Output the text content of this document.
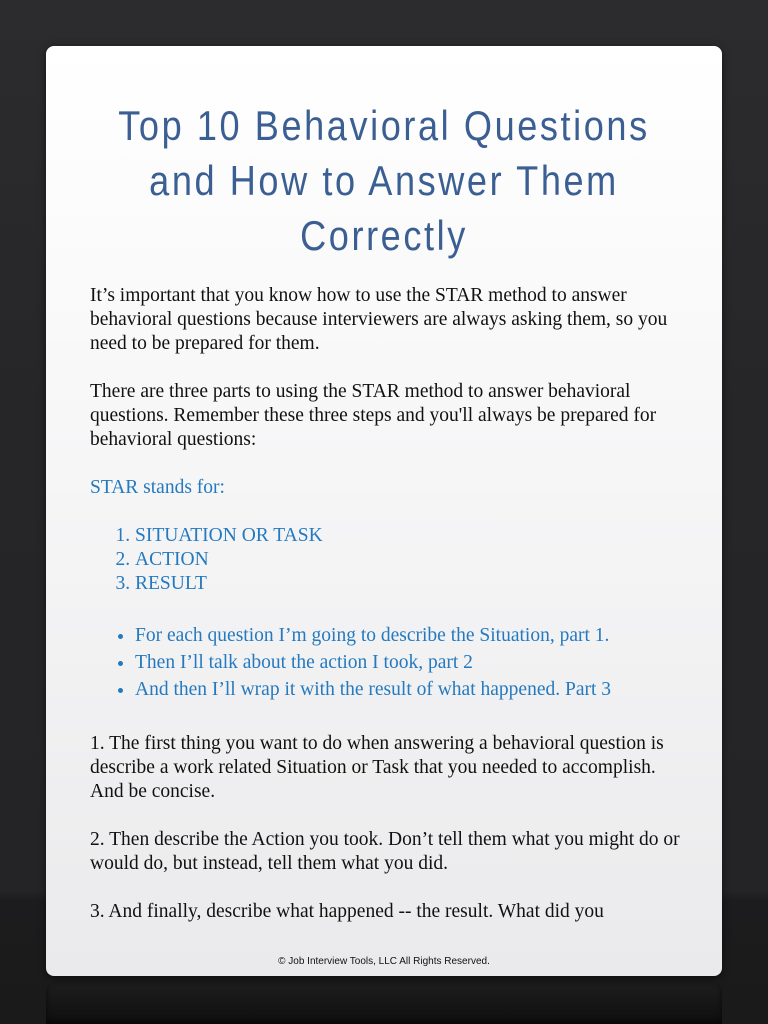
Top 10 Behavioral Questions
and How to Answer Them
Correctly

It’s important that you know how to use the STAR method to answer behavioral questions because interviewers are always asking them, so you need to be prepared for them.

There are three parts to using the STAR method to answer behavioral questions. Remember these three steps and you'll always be prepared for behavioral questions:

STAR stands for:

1. SITUATION OR TASK
2. ACTION
3. RESULT
• For each question I’m going to describe the Situation, part 1.
• Then I’ll talk about the action I took, part 2
• And then I’ll wrap it with the result of what happened. Part 3

1. The first thing you want to do when answering a behavioral question is describe a work related Situation or Task that you needed to accomplish. And be concise.

2. Then describe the Action you took. Don’t tell them what you might do or would do, but instead, tell them what you did.

3. And finally, describe what happened -- the result. What did you

© Job Interview Tools, LLC All Rights Reserved.
